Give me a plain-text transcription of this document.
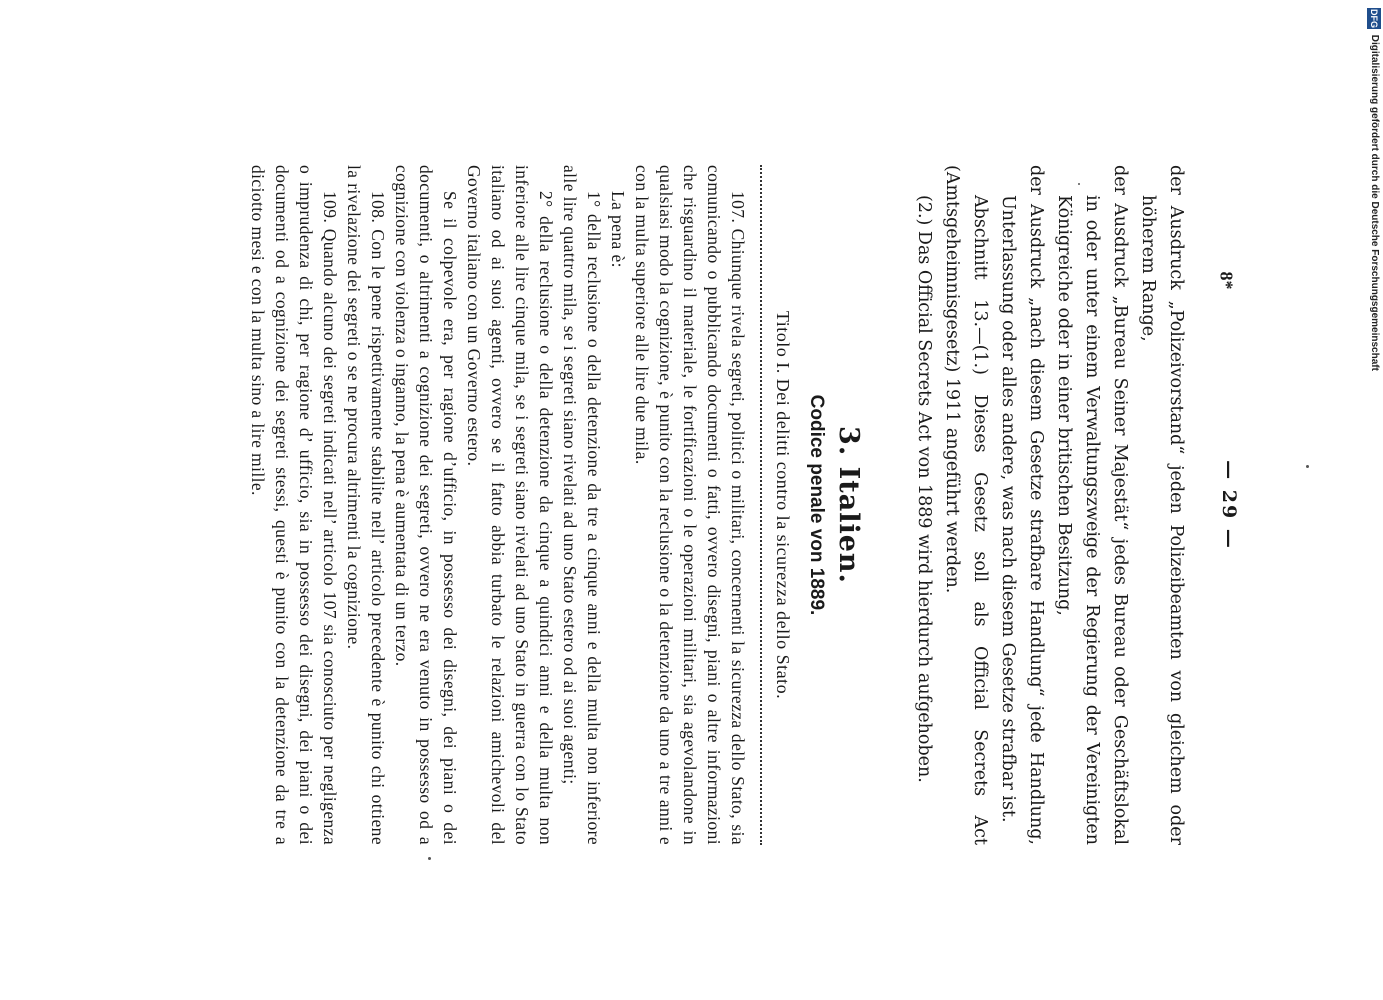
— 29 —

der Ausdruck „Polizeivorstand“ jeden Polizeibeamten von gleichem oder höherem Range,

der Ausdruck „Bureau Seiner Majestät“ jedes Bureau oder Geschäftslokal in oder unter einem Verwaltungszweige der Regierung der Vereinigten Königreiche oder in einer britischen Besitzung,

der Ausdruck „nach diesem Gesetze strafbare Handlung“ jede Handlung, Unterlassung oder alles andere, was nach diesem Gesetze strafbar ist.

Abschnitt 13.—(1.) Dieses Gesetz soll als Official Secrets Act (Amtsgeheimnisgesetz) 1911 angeführt werden.

(2.) Das Official Secrets Act von 1889 wird hierdurch aufgehoben.

3. Italien.
Codice penale von 1889.

Titolo I. Dei delitti contro la sicurezza dello Stato.

107. Chiunque rivela segreti, politici o militari, concernenti la sicurezza dello Stato, sia comunicando o pubblicando documenti o fatti, ovvero disegni, piani o altre informazioni che risguardino il materiale, le fortificazioni o le operazioni militari, sia agevolandone in qualsiasi modo la cognizione, è punito con la reclusione o la detenzione da uno a tre anni e con la multa superiore alle lire due mila.

La pena è:

1° della reclusione o della detenzione da tre a cinque anni e della multa non inferiore alle lire quattro mila, se i segreti siano rivelati ad uno Stato estero od ai suoi agenti;

2° della reclusione o della detenzione da cinque a quindici anni e della multa non inferiore alle lire cinque mila, se i segreti siano rivelati ad uno Stato in guerra con lo Stato italiano od ai suoi agenti, ovvero se il fatto abbia turbato le relazioni amichevoli del Governo italiano con un Governo estero.

Se il colpevole era, per ragione d’ufficio, in possesso dei disegni, dei piani o dei documenti, o altrimenti a cognizione dei segreti, ovvero ne era venuto in possesso od a cognizione con violenza o inganno, la pena è aumentata di un terzo.

108. Con le pene rispettivamente stabilite nell’ articolo precedente è punito chi ottiene la rivelazione dei segreti o se ne procura altrimenti la cognizione.

109. Quando alcuno dei segreti indicati nell’ articolo 107 sia conosciuto per negligenza o imprudenza di chi, per ragione d’ ufficio, sia in possesso dei disegni, dei piani o dei documenti od a cognizione dei segreti stessi, questi è punito con la detenzione da tre a diciotto mesi e con la multa sino a lire mille.	8*
DFG Digitalisierung gefördert durch die Deutsche Forschungsgemeinschaft
